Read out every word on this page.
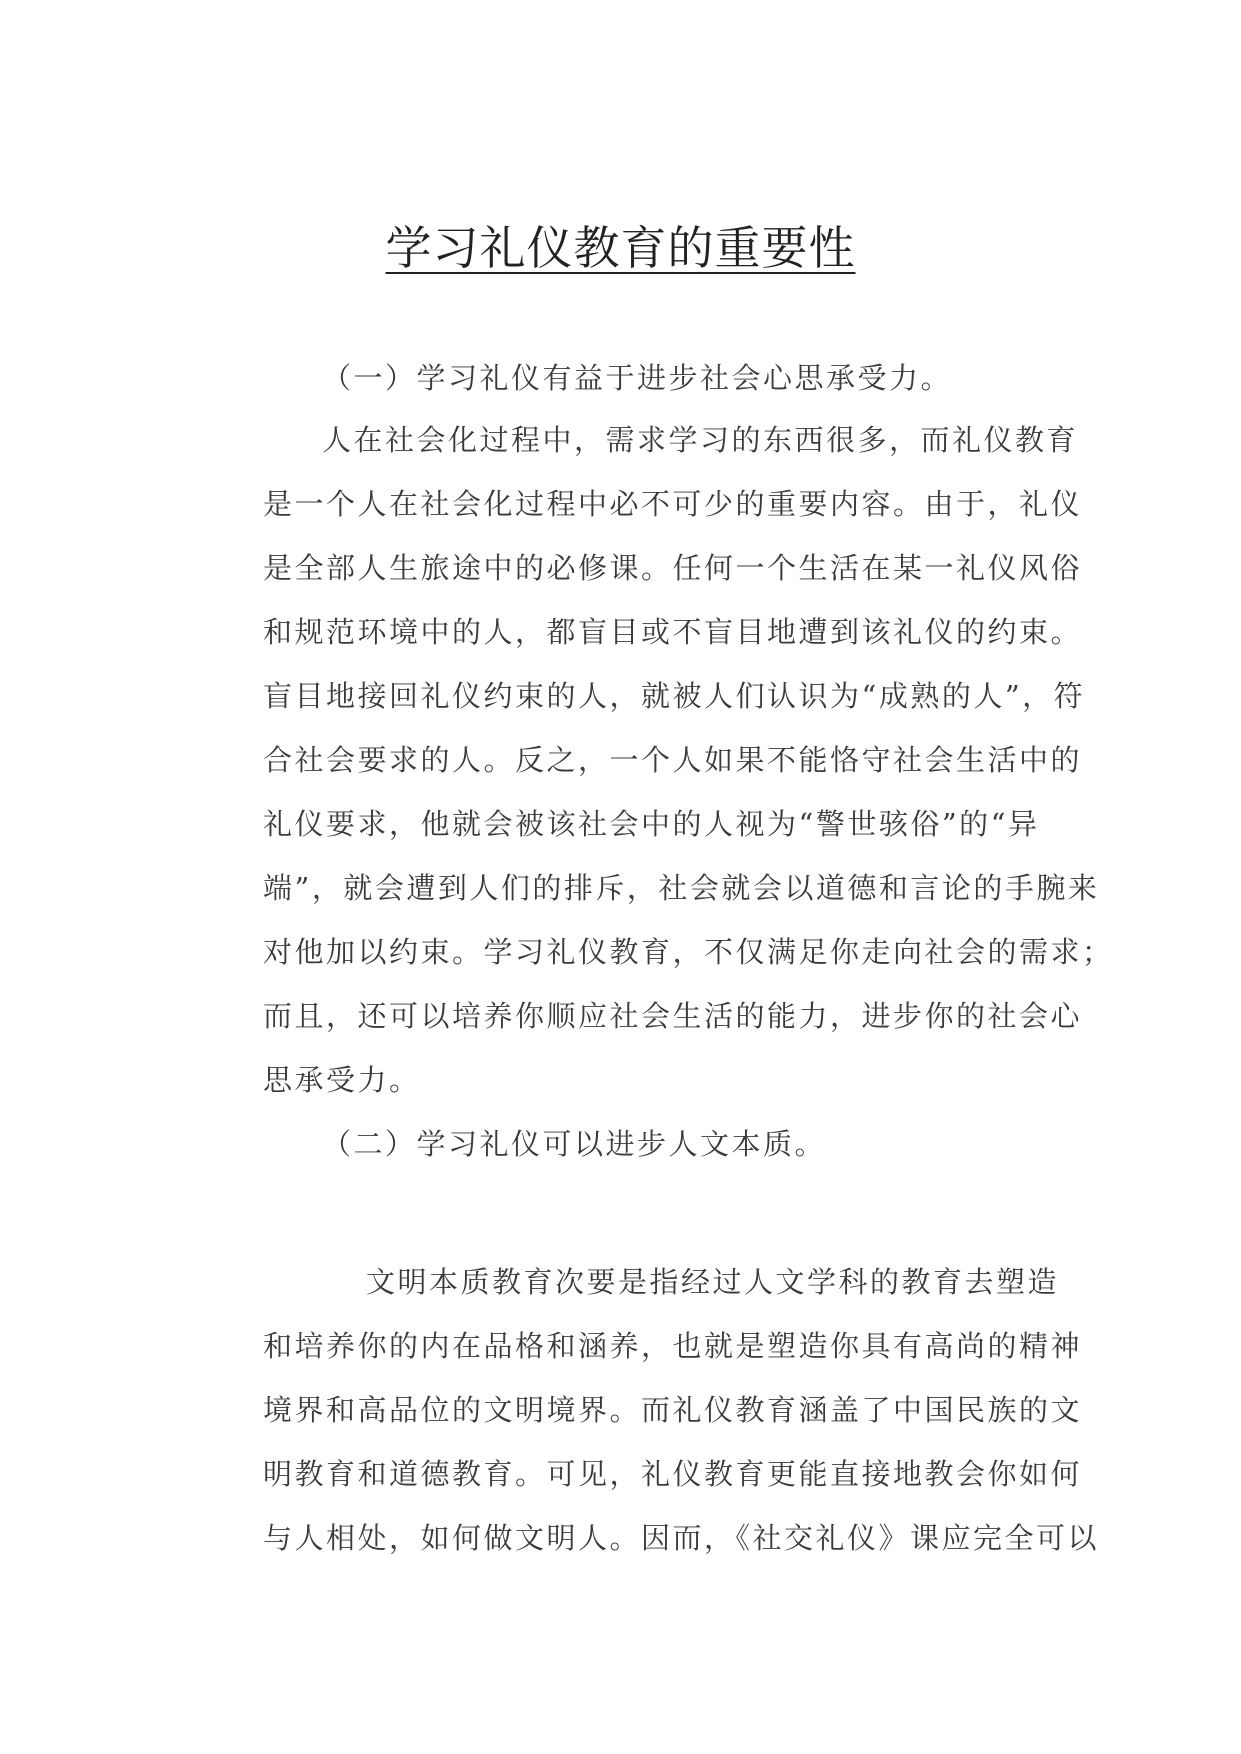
学习礼仪教育的重要性
（一）学习礼仪有益于进步社会心思承受力。
人在社会化过程中，需求学习的东西很多，而礼仪教育
是一个人在社会化过程中必不可少的重要内容。由于，礼仪
是全部人生旅途中的必修课。任何一个生活在某一礼仪风俗
和规范环境中的人，都盲目或不盲目地遭到该礼仪的约束。
盲目地接回礼仪约束的人，就被人们认识为“成熟的人”，符
合社会要求的人。反之，一个人如果不能恪守社会生活中的
礼仪要求，他就会被该社会中的人视为“警世骇俗”的“异
端”，就会遭到人们的排斥，社会就会以道德和言论的手腕来
对他加以约束。学习礼仪教育，不仅满足你走向社会的需求；
而且，还可以培养你顺应社会生活的能力，进步你的社会心
思承受力。
（二）学习礼仪可以进步人文本质。
文明本质教育次要是指经过人文学科的教育去塑造
和培养你的内在品格和涵养，也就是塑造你具有高尚的精神
境界和高品位的文明境界。而礼仪教育涵盖了中国民族的文
明教育和道德教育。可见，礼仪教育更能直接地教会你如何
与人相处，如何做文明人。因而，《社交礼仪》课应完全可以
